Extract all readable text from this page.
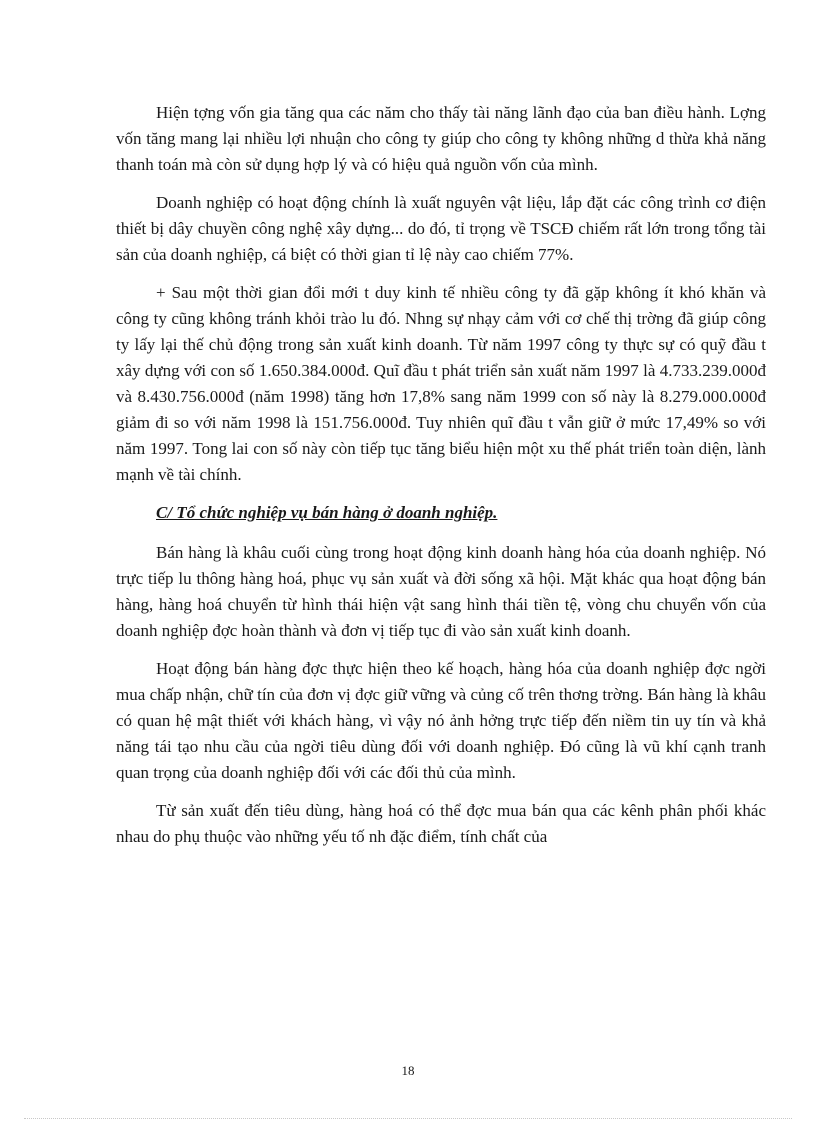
Hiện tợng vốn gia tăng qua các năm cho thấy tài năng lãnh đạo của ban điều hành. Lợng vốn tăng mang lại nhiều lợi nhuận cho công ty giúp cho công ty không những d thừa khả năng thanh toán mà còn sử dụng hợp lý và có hiệu quả nguồn vốn của mình.

Doanh nghiệp có hoạt động chính là xuất nguyên vật liệu, lắp đặt các công trình cơ điện thiết bị dây chuyền công nghệ xây dựng... do đó, tỉ trọng về TSCĐ chiếm rất lớn trong tổng tài sản của doanh nghiệp, cá biệt có thời gian tỉ lệ này cao chiếm 77%.

+ Sau một thời gian đổi mới t duy kinh tế nhiều công ty đã gặp không ít khó khăn và công ty cũng không tránh khỏi trào lu đó. Nhng sự nhạy cảm với cơ chế thị trờng đã giúp công ty lấy lại thế chủ động trong sản xuất kinh doanh. Từ năm 1997 công ty thực sự có quỹ đầu t xây dựng với con số 1.650.384.000đ. Quĩ đầu t phát triển sản xuất năm 1997 là 4.733.239.000đ và 8.430.756.000đ (năm 1998) tăng hơn 17,8% sang năm 1999 con số này là 8.279.000.000đ giảm đi so với năm 1998 là 151.756.000đ. Tuy nhiên quĩ đầu t vẫn giữ ở mức 17,49% so với năm 1997. Tong lai con số này còn tiếp tục tăng biểu hiện một xu thế phát triển toàn diện, lành mạnh về tài chính.

C/ Tổ chức nghiệp vụ bán hàng ở doanh nghiệp.

Bán hàng là khâu cuối cùng trong hoạt động kinh doanh hàng hóa của doanh nghiệp. Nó trực tiếp lu thông hàng hoá, phục vụ sản xuất và đời sống xã hội. Mặt khác qua hoạt động bán hàng, hàng hoá chuyển từ hình thái hiện vật sang hình thái tiền tệ, vòng chu chuyển vốn của doanh nghiệp đợc hoàn thành và đơn vị tiếp tục đi vào sản xuất kinh doanh.

Hoạt động bán hàng đợc thực hiện theo kế hoạch, hàng hóa của doanh nghiệp đợc ngời mua chấp nhận, chữ tín của đơn vị đợc giữ vững và củng cố trên thơng trờng. Bán hàng là khâu có quan hệ mật thiết với khách hàng, vì vậy nó ảnh hởng trực tiếp đến niềm tin uy tín và khả năng tái tạo nhu cầu của ngời tiêu dùng đối với doanh nghiệp. Đó cũng là vũ khí cạnh tranh quan trọng của doanh nghiệp đối với các đối thủ của mình.

Từ sản xuất đến tiêu dùng, hàng hoá có thể đợc mua bán qua các kênh phân phối khác nhau do phụ thuộc vào những yếu tố nh đặc điểm, tính chất của

18
